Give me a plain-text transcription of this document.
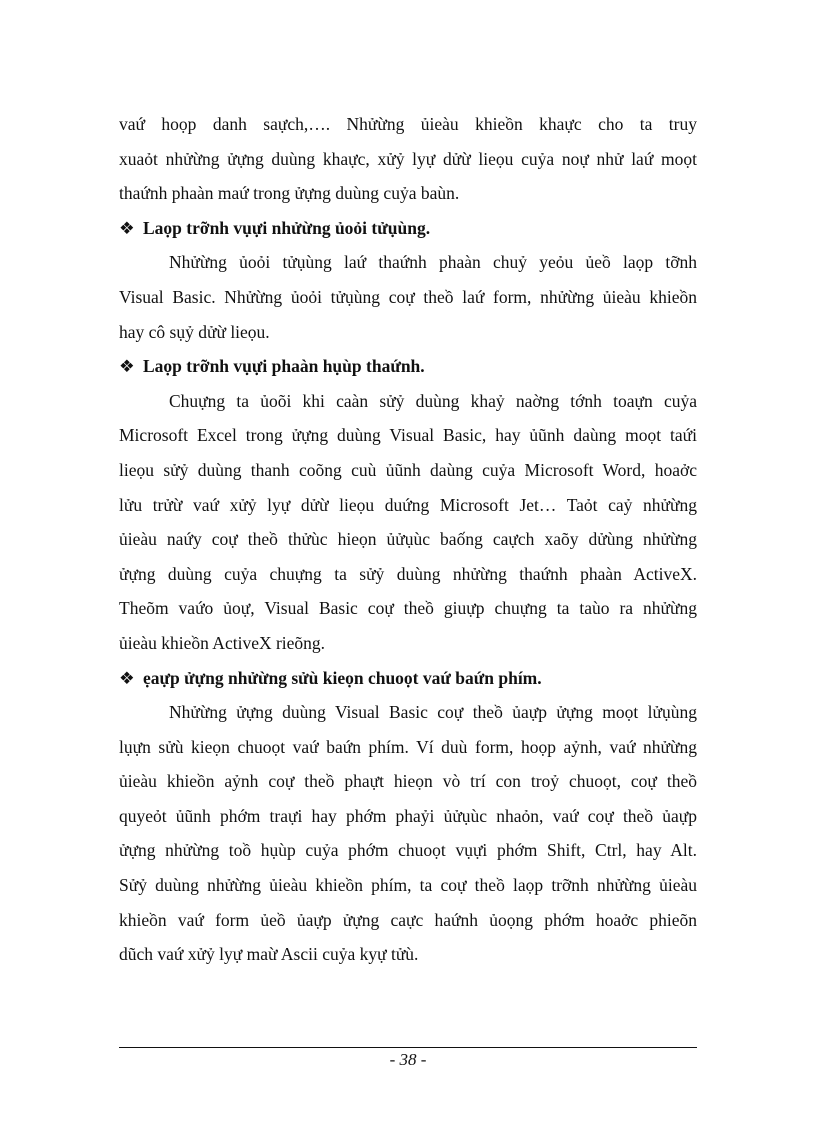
vaứ hoọp danh saựch,…. Nhửừng ủieàu khieồn khaực cho ta truy
xuaỏt nhửừng ửựng duùng khaực, xửỷ lyự dửừ lieọu cuỷa noự nhử laứ moọt
thaứnh phaàn maứ trong ửựng duùng cuỷa baùn.
❖ Laọp trỡnh vụựi nhửừng ủoỏi tửụùng.
Nhửừng ủoỏi tửụùng laứ thaứnh phaàn chuỷ yeỏu ủeồ laọp tỡnh
Visual Basic. Nhửừng ủoỏi tửụùng coự theồ laứ form, nhửừng ủieàu khieồn
hay cô sụỷ dửừ lieọu.
❖ Laọp trỡnh vụựi phaàn hụùp thaứnh.
Chuựng ta ủoõi khi caàn sửỷ duùng khaỷ naờng tớnh toaựn cuỷa
Microsoft Excel trong ửựng duùng Visual Basic, hay ủũnh daùng moọt taứi
lieọu sửỷ duùng thanh coõng cuù ủũnh daùng cuỷa Microsoft Word, hoaởc
lửu trửừ vaứ xửỷ lyự dửừ lieọu duứng Microsoft Jet… Taỏt caỷ nhửừng
ủieàu naứy coự theồ thửùc hieọn ủửụùc baống caựch xaõy dửùng nhửừng
ửựng duùng cuỷa chuựng ta sửỷ duùng nhửừng thaứnh phaàn ActiveX.
Theõm vaứo ủoự, Visual Basic coự theồ giuựp chuựng ta taùo ra nhửừng
ủieàu khieồn ActiveX rieõng.
❖ ẹaựp ửựng nhửừng sửù kieọn chuoọt vaứ baứn phím.
Nhửừng ửựng duùng Visual Basic coự theồ ủaựp ửựng moọt lửụùng
lụựn sửù kieọn chuoọt vaứ baứn phím. Ví duù form, hoọp aỷnh, vaứ nhửừng
ủieàu khieồn aỷnh coự theồ phaựt hieọn vò trí con troỷ chuoọt, coự theồ
quyeỏt ủũnh phớm traựi hay phớm phaỷi ủửụùc nhaỏn, vaứ coự theồ ủaựp
ửựng nhửừng toồ hụùp cuỷa phớm chuoọt vụựi phớm Shift, Ctrl, hay Alt.
Sửỷ duùng nhửừng ủieàu khieồn phím, ta coự theồ laọp trỡnh nhửừng ủieàu
khieồn vaứ form ủeồ ủaựp ửựng caực haứnh ủoọng phớm hoaởc phieõn
dũch vaứ xửỷ lyự maừ Ascii cuỷa kyự tửù.
- 38 -
